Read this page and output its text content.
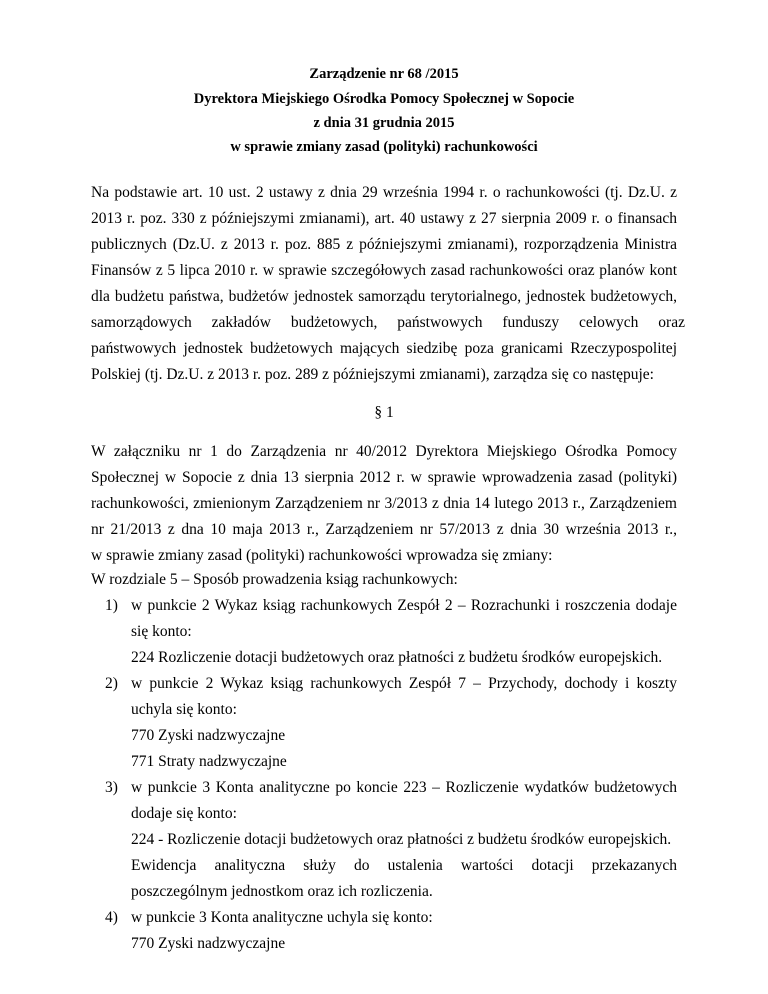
Zarządzenie nr 68 /2015
Dyrektora Miejskiego Ośrodka Pomocy Społecznej w Sopocie
z dnia 31 grudnia 2015
w sprawie zmiany zasad (polityki) rachunkowości
Na podstawie art. 10 ust. 2 ustawy z dnia 29 września 1994 r. o rachunkowości (tj. Dz.U. z
2013 r. poz. 330 z późniejszymi zmianami), art. 40 ustawy z 27 sierpnia 2009 r. o finansach
publicznych (Dz.U. z 2013 r. poz. 885 z późniejszymi zmianami), rozporządzenia Ministra
Finansów z 5 lipca 2010 r. w sprawie szczegółowych zasad rachunkowości oraz planów kont
dla budżetu państwa, budżetów jednostek samorządu terytorialnego, jednostek budżetowych,
samorządowych zakładów budżetowych, państwowych funduszy celowych oraz
państwowych jednostek budżetowych mających siedzibę poza granicami Rzeczypospolitej
Polskiej (tj. Dz.U. z 2013 r. poz. 289 z późniejszymi zmianami), zarządza się co następuje:
§ 1
W załączniku nr 1 do Zarządzenia nr 40/2012 Dyrektora Miejskiego Ośrodka Pomocy
Społecznej w Sopocie z dnia 13 sierpnia 2012 r. w sprawie wprowadzenia zasad (polityki)
rachunkowości, zmienionym Zarządzeniem nr 3/2013 z dnia 14 lutego 2013 r., Zarządzeniem
nr 21/2013 z dna 10 maja 2013 r., Zarządzeniem nr 57/2013 z dnia 30 września 2013 r.,
w sprawie zmiany zasad (polityki) rachunkowości wprowadza się zmiany:
W rozdziale 5 – Sposób prowadzenia ksiąg rachunkowych:
1) w punkcie 2 Wykaz ksiąg rachunkowych Zespół 2 – Rozrachunki i roszczenia dodaje
się konto:
224 Rozliczenie dotacji budżetowych oraz płatności z budżetu środków europejskich.
2) w punkcie 2 Wykaz ksiąg rachunkowych Zespół 7 – Przychody, dochody i koszty
uchyla się konto:
770 Zyski nadzwyczajne
771 Straty nadzwyczajne
3) w punkcie 3 Konta analityczne po koncie 223 – Rozliczenie wydatków budżetowych
dodaje się konto:
224 - Rozliczenie dotacji budżetowych oraz płatności z budżetu środków europejskich.
Ewidencja analityczna służy do ustalenia wartości dotacji przekazanych
poszczególnym jednostkom oraz ich rozliczenia.
4) w punkcie 3 Konta analityczne uchyla się konto:
770 Zyski nadzwyczajne
